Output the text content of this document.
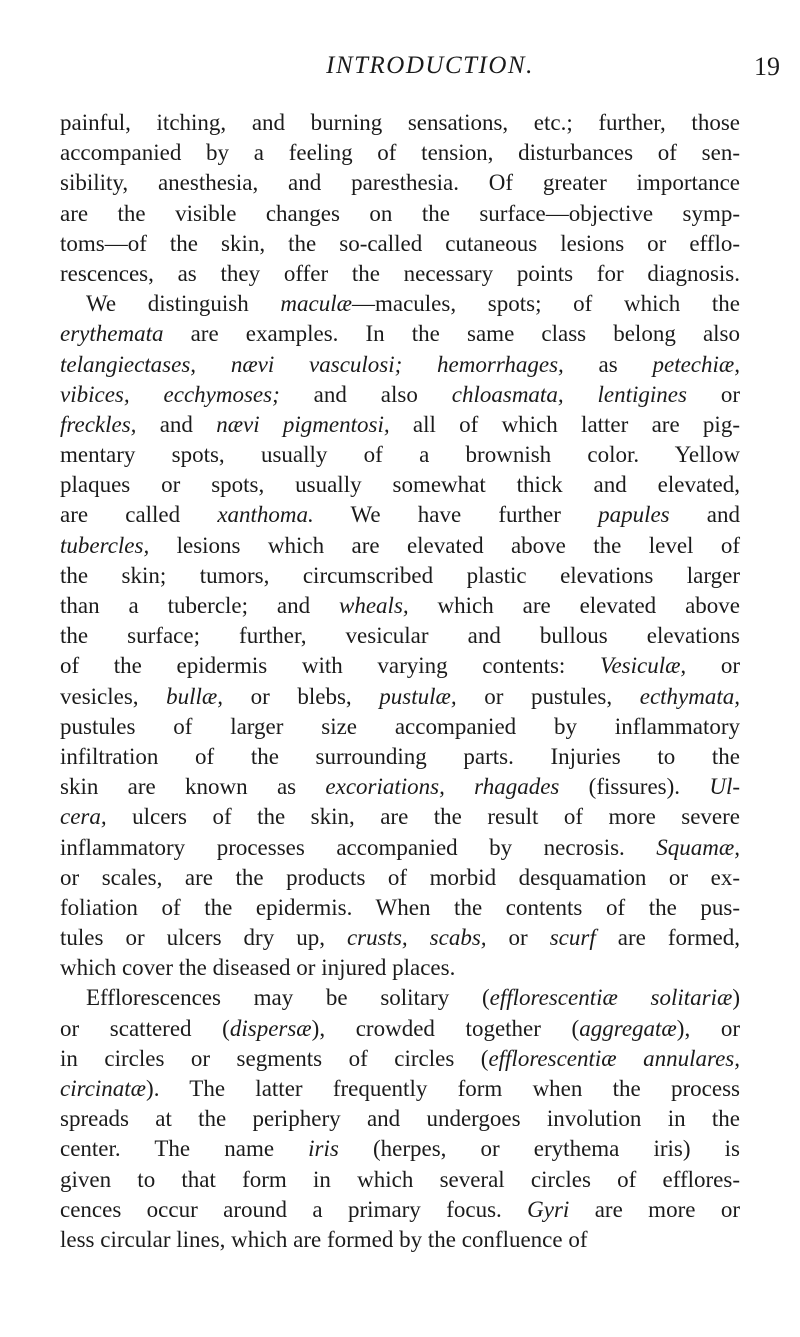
INTRODUCTION.	19
painful, itching, and burning sensations, etc.; further, those
accompanied by a feeling of tension, disturbances of sen-
sibility, anesthesia, and paresthesia. Of greater importance
are the visible changes on the surface—objective symp-
toms—of the skin, the so-called cutaneous lesions or efflo-
rescences, as they offer the necessary points for diagnosis.
We distinguish maculæ—macules, spots; of which the
erythemata are examples. In the same class belong also
telangiectases, nævi vasculosi; hemorrhages, as petechiæ,
vibices, ecchymoses; and also chloasmata, lentigines or
freckles, and nævi pigmentosi, all of which latter are pig-
mentary spots, usually of a brownish color. Yellow
plaques or spots, usually somewhat thick and elevated,
are called xanthoma. We have further papules and
tubercles, lesions which are elevated above the level of
the skin; tumors, circumscribed plastic elevations larger
than a tubercle; and wheals, which are elevated above
the surface; further, vesicular and bullous elevations
of the epidermis with varying contents: Vesiculæ, or
vesicles, bullæ, or blebs, pustulæ, or pustules, ecthymata,
pustules of larger size accompanied by inflammatory
infiltration of the surrounding parts. Injuries to the
skin are known as excoriations, rhagades (fissures). Ul-
cera, ulcers of the skin, are the result of more severe
inflammatory processes accompanied by necrosis. Squamæ,
or scales, are the products of morbid desquamation or ex-
foliation of the epidermis. When the contents of the pus-
tules or ulcers dry up, crusts, scabs, or scurf are formed,
which cover the diseased or injured places.
Efflorescences may be solitary (efflorescentiæ solitariæ)
or scattered (dispersæ), crowded together (aggregatæ), or
in circles or segments of circles (efflorescentiæ annulares,
circinatæ). The latter frequently form when the process
spreads at the periphery and undergoes involution in the
center. The name iris (herpes, or erythema iris) is
given to that form in which several circles of efflores-
cences occur around a primary focus. Gyri are more or
less circular lines, which are formed by the confluence of
